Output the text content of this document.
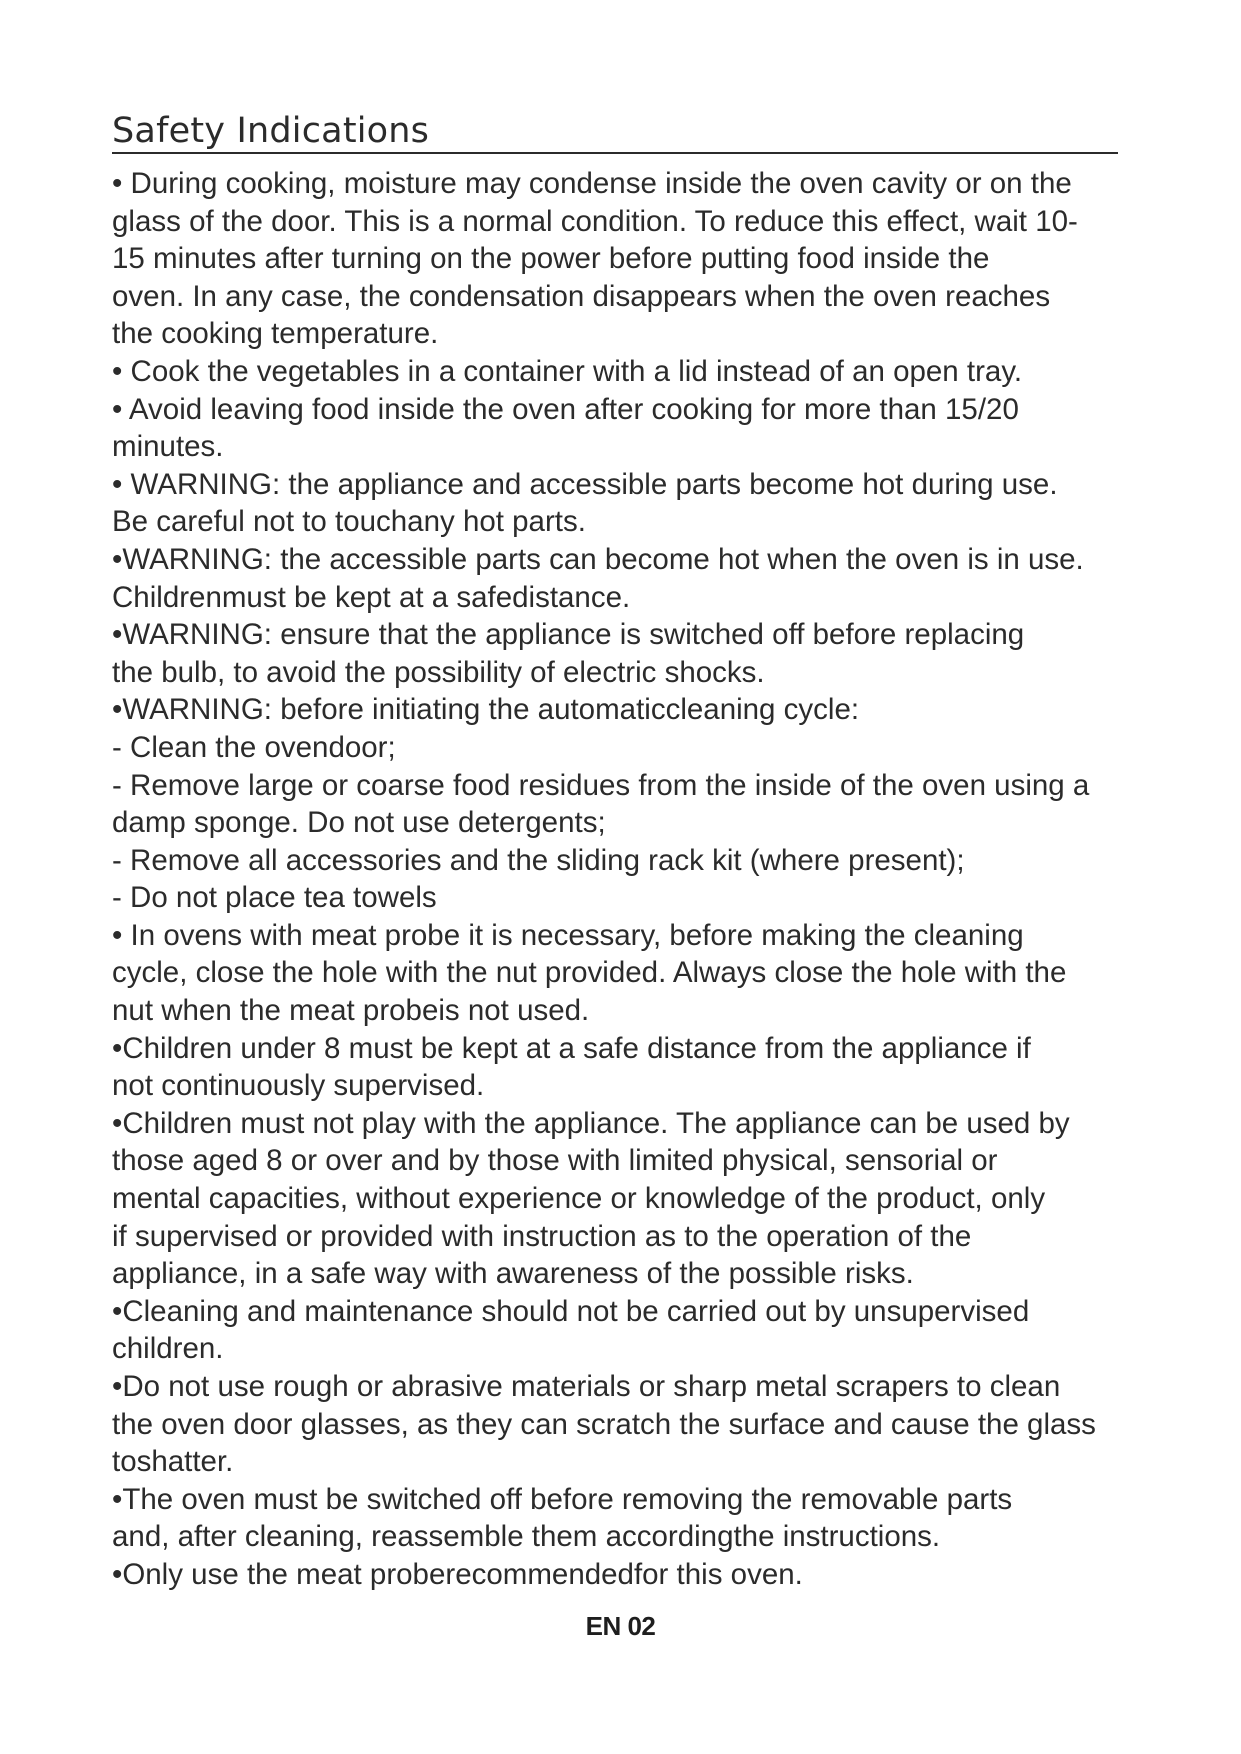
Safety Indications
• During cooking, moisture may condense inside the oven cavity or on the
glass of the door. This is a normal condition. To reduce this effect, wait 10-
15 minutes after turning on the power before putting food inside the
oven. In any case, the condensation disappears when the oven reaches
the cooking temperature.
• Cook the vegetables in a container with a lid instead of an open tray.
• Avoid leaving food inside the oven after cooking for more than 15/20
minutes.
• WARNING: the appliance and accessible parts become hot during use.
Be careful not to touchany hot parts.
•WARNING: the accessible parts can become hot when the oven is in use.
Childrenmust be kept at a safedistance.
•WARNING: ensure that the appliance is switched off before replacing
the bulb, to avoid the possibility of electric shocks.
•WARNING: before initiating the automaticcleaning cycle:
- Clean the ovendoor;
- Remove large or coarse food residues from the inside of the oven using a
damp sponge. Do not use detergents;
- Remove all accessories and the sliding rack kit (where present);
- Do not place tea towels
• In ovens with meat probe it is necessary, before making the cleaning
cycle, close the hole with the nut provided. Always close the hole with the
nut when the meat probeis not used.
•Children under 8 must be kept at a safe distance from the appliance if
not continuously supervised.
•Children must not play with the appliance. The appliance can be used by
those aged 8 or over and by those with limited physical, sensorial or
mental capacities, without experience or knowledge of the product, only
if supervised or provided with instruction as to the operation of the
appliance, in a safe way with awareness of the possible risks.
•Cleaning and maintenance should not be carried out by unsupervised
children.
•Do not use rough or abrasive materials or sharp metal scrapers to clean
the oven door glasses, as they can scratch the surface and cause the glass
toshatter.
•The oven must be switched off before removing the removable parts
and, after cleaning, reassemble them accordingthe instructions.
•Only use the meat proberecommendedfor this oven.
EN 02
